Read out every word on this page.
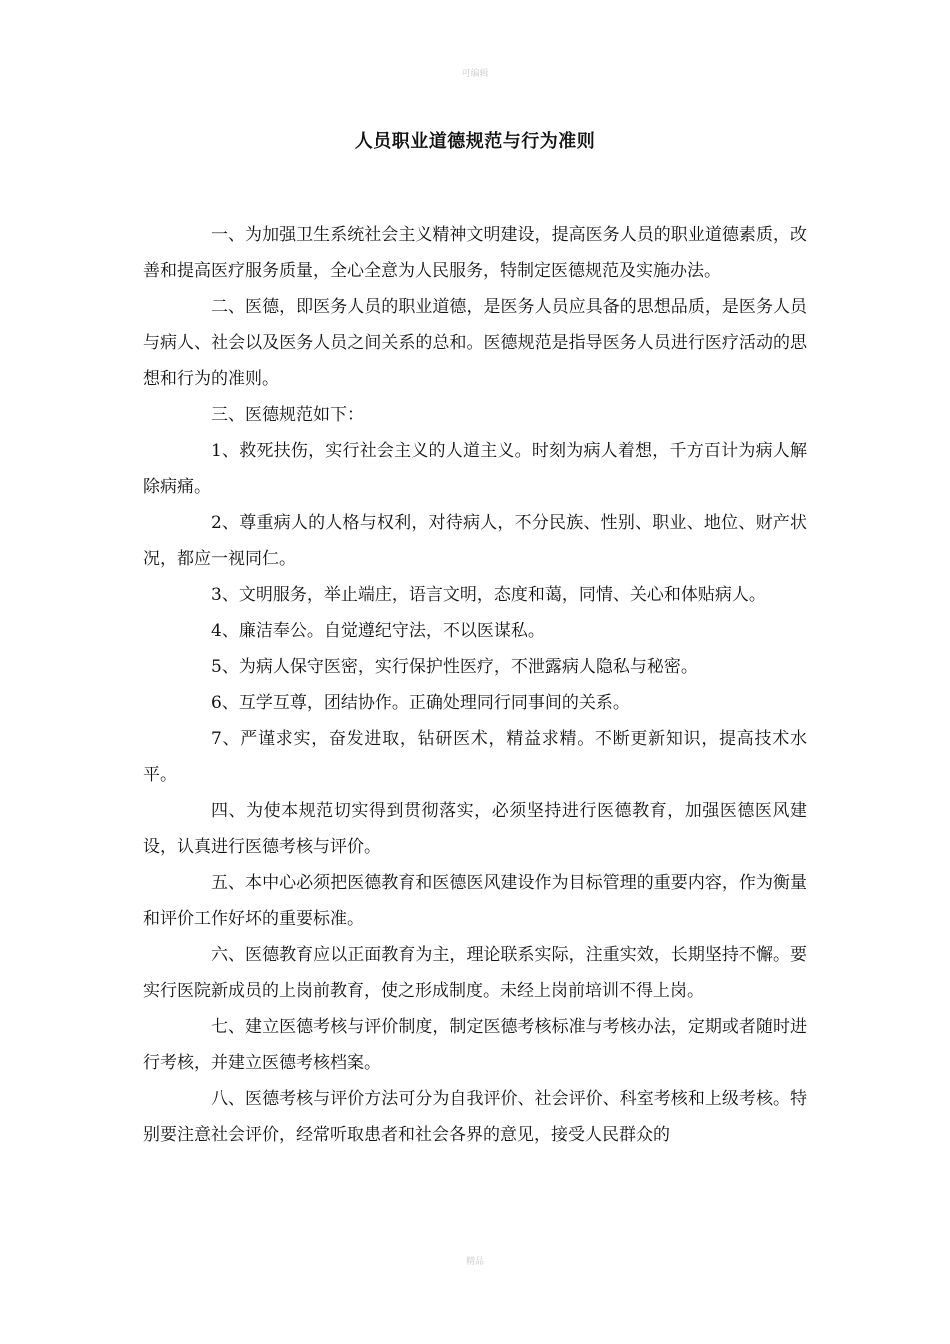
可编辑
人员职业道德规范与行为准则

一、为加强卫生系统社会主义精神文明建设，提高医务人员的职业道德素质，改善和提高医疗服务质量，全心全意为人民服务，特制定医德规范及实施办法。

二、医德，即医务人员的职业道德，是医务人员应具备的思想品质，是医务人员与病人、社会以及医务人员之间关系的总和。医德规范是指导医务人员进行医疗活动的思想和行为的准则。

三、医德规范如下：

1、救死扶伤，实行社会主义的人道主义。时刻为病人着想，千方百计为病人解除病痛。

2、尊重病人的人格与权利，对待病人，不分民族、性别、职业、地位、财产状况，都应一视同仁。

3、文明服务，举止端庄，语言文明，态度和蔼，同情、关心和体贴病人。

4、廉洁奉公。自觉遵纪守法，不以医谋私。

5、为病人保守医密，实行保护性医疗，不泄露病人隐私与秘密。

6、互学互尊，团结协作。正确处理同行同事间的关系。

7、严谨求实，奋发进取，钻研医术，精益求精。不断更新知识，提高技术水平。

四、为使本规范切实得到贯彻落实，必须坚持进行医德教育，加强医德医风建设，认真进行医德考核与评价。

五、本中心必须把医德教育和医德医风建设作为目标管理的重要内容，作为衡量和评价工作好坏的重要标准。

六、医德教育应以正面教育为主，理论联系实际，注重实效，长期坚持不懈。要实行医院新成员的上岗前教育，使之形成制度。未经上岗前培训不得上岗。

七、建立医德考核与评价制度，制定医德考核标准与考核办法，定期或者随时进行考核，并建立医德考核档案。

八、医德考核与评价方法可分为自我评价、社会评价、科室考核和上级考核。特别要注意社会评价，经常听取患者和社会各界的意见，接受人民群众的

精品
